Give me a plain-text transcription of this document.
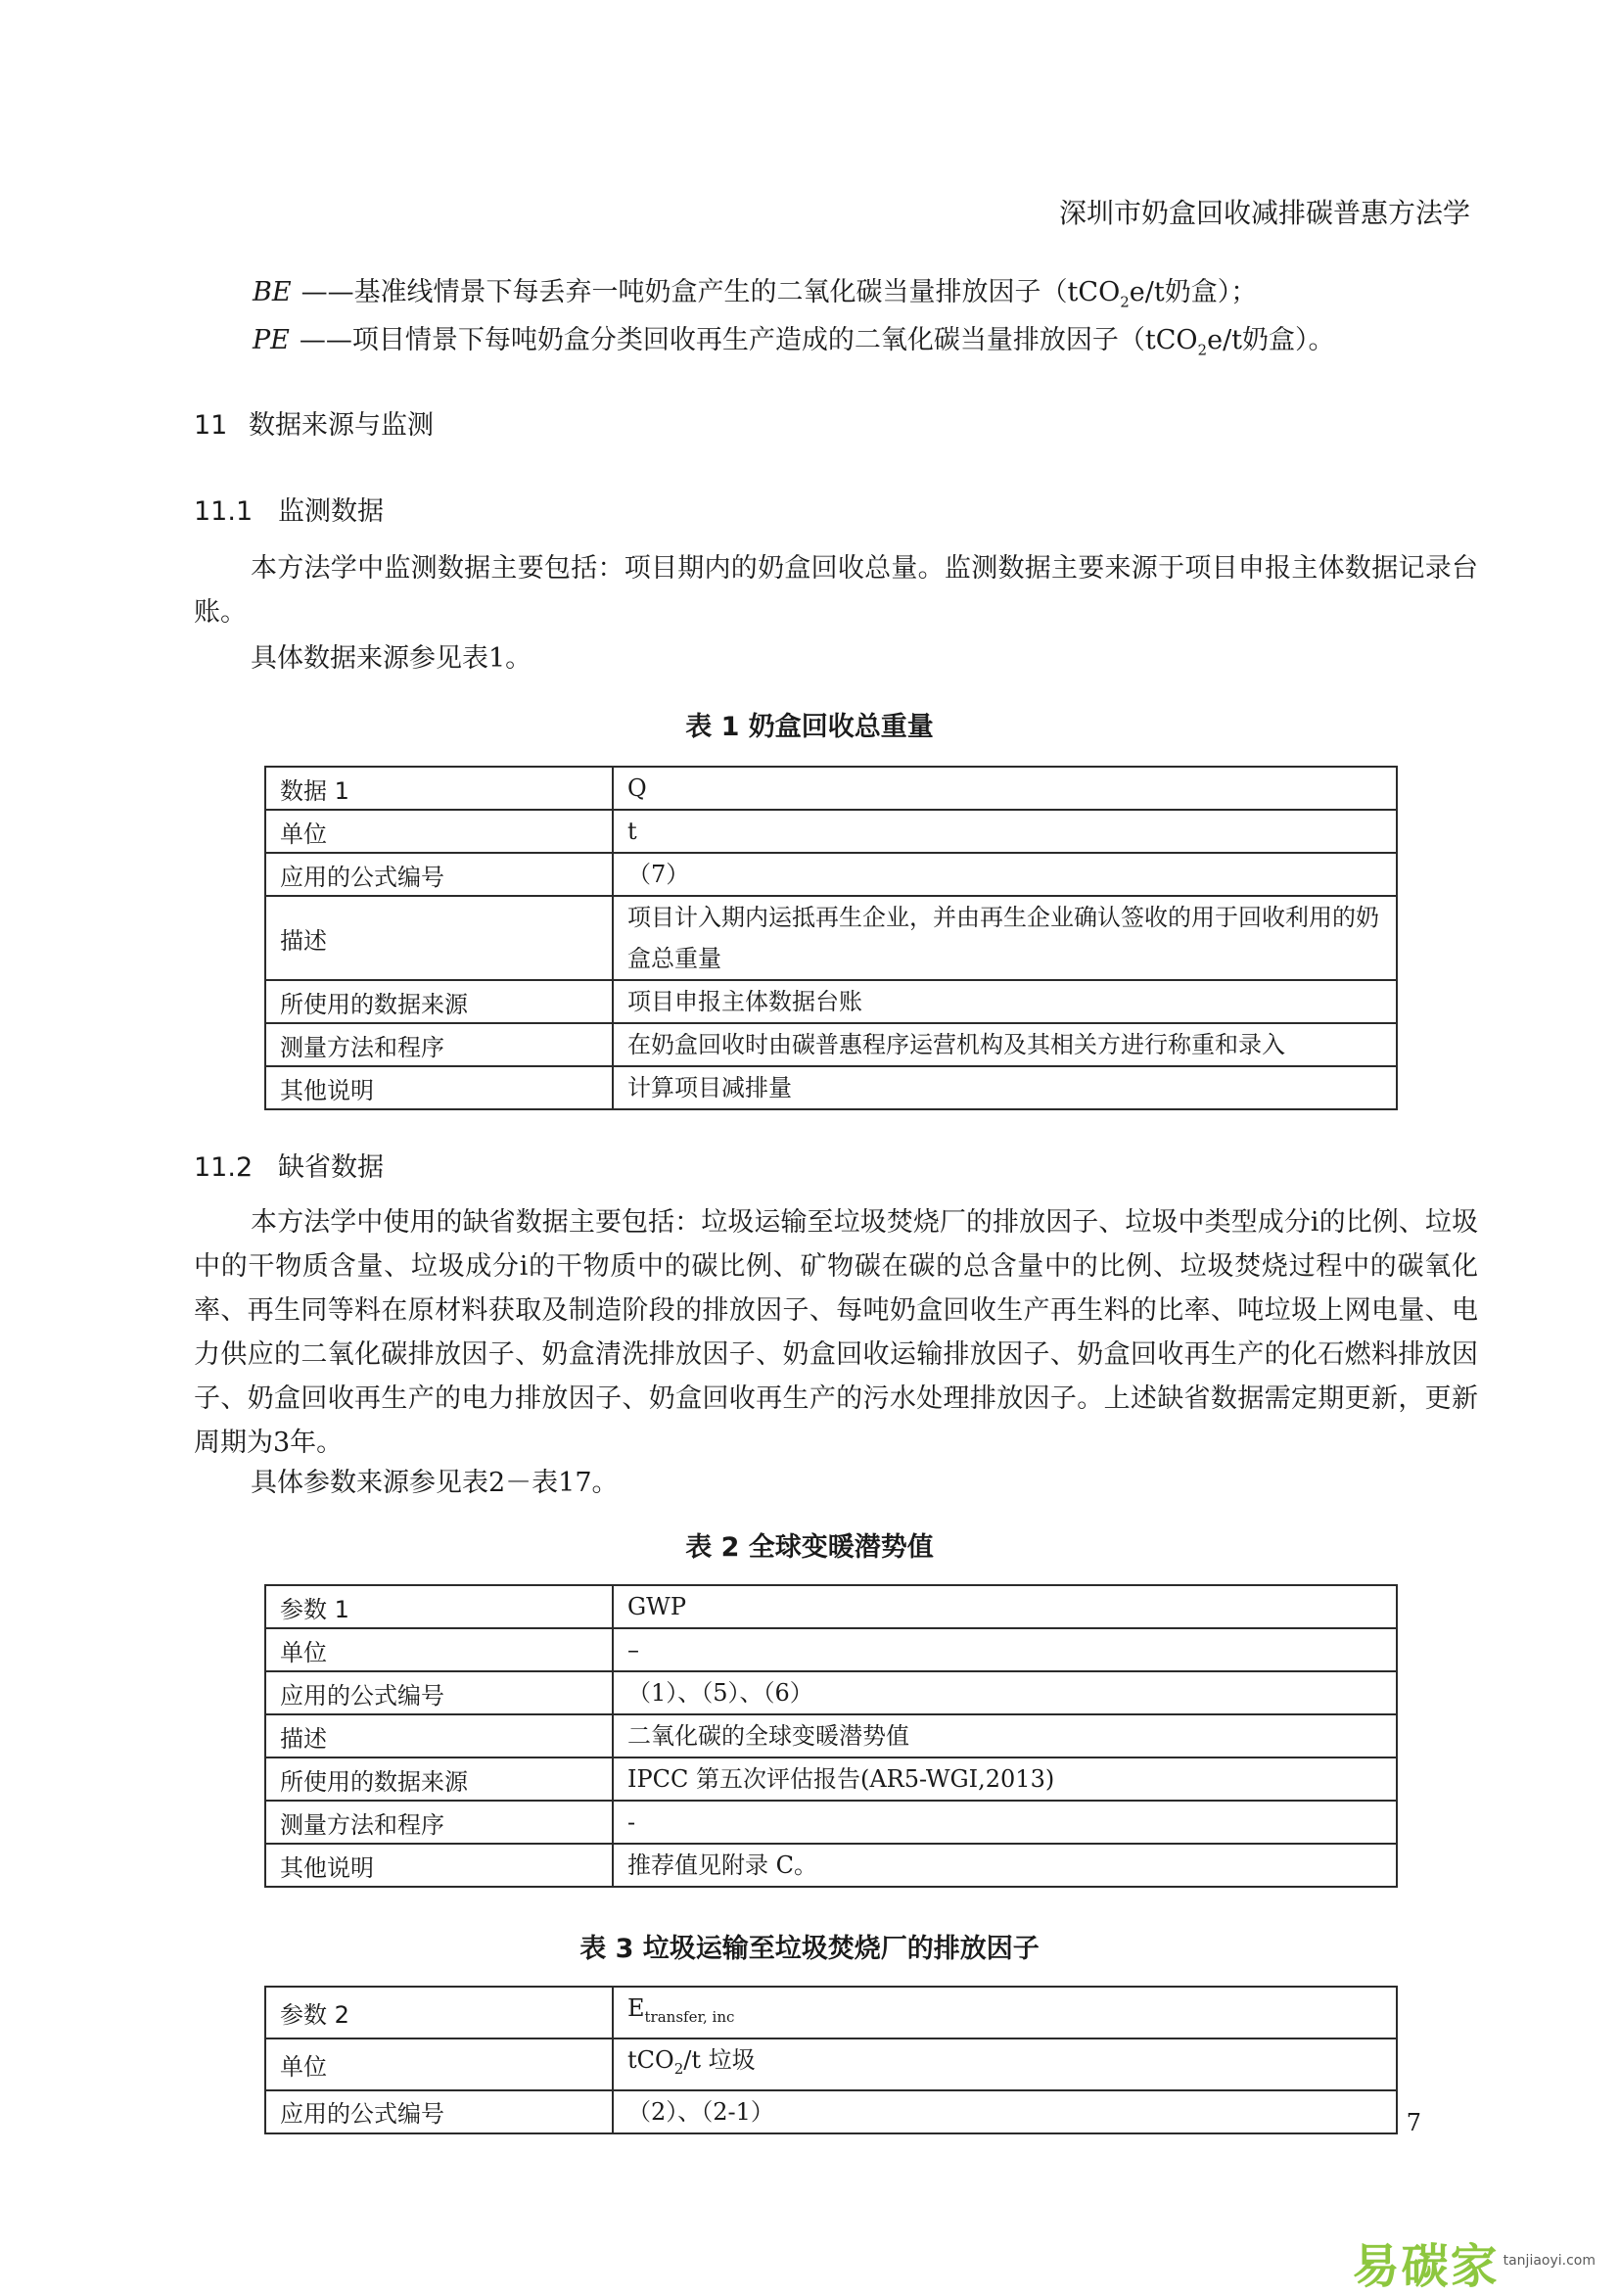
深圳市奶盒回收减排碳普惠方法学
BE ——基准线情景下每丢弃一吨奶盒产生的二氧化碳当量排放因子（tCO$_2$e/t奶盒）；
PE ——项目情景下每吨奶盒分类回收再生产造成的二氧化碳当量排放因子（tCO$_2$e/t奶盒）。
11 数据来源与监测
11.1 监测数据
本方法学中监测数据主要包括：项目期内的奶盒回收总量。监测数据主要来源于项目申报主体数据记录台账。
具体数据来源参见表1。
表 1 奶盒回收总重量
数据 1	Q
单位	t
应用的公式编号	（7）
描述	项目计入期内运抵再生企业，并由再生企业确认签收的用于回收利用的奶盒总重量
所使用的数据来源	项目申报主体数据台账
测量方法和程序	在奶盒回收时由碳普惠程序运营机构及其相关方进行称重和录入
其他说明	计算项目减排量
11.2 缺省数据
本方法学中使用的缺省数据主要包括：垃圾运输至垃圾焚烧厂的排放因子、垃圾中类型成分i的比例、垃圾中的干物质含量、垃圾成分i的干物质中的碳比例、矿物碳在碳的总含量中的比例、垃圾焚烧过程中的碳氧化率、再生同等料在原材料获取及制造阶段的排放因子、每吨奶盒回收生产再生料的比率、吨垃圾上网电量、电力供应的二氧化碳排放因子、奶盒清洗排放因子、奶盒回收运输排放因子、奶盒回收再生产的化石燃料排放因子、奶盒回收再生产的电力排放因子、奶盒回收再生产的污水处理排放因子。上述缺省数据需定期更新，更新周期为3年。
具体参数来源参见表2－表17。
表 2 全球变暖潜势值
参数 1	GWP
单位	–
应用的公式编号	（1）、（5）、（6）
描述	二氧化碳的全球变暖潜势值
所使用的数据来源	IPCC 第五次评估报告(AR5-WGI,2013)
测量方法和程序	-
其他说明	推荐值见附录 C。
表 3 垃圾运输至垃圾焚烧厂的排放因子
参数 2	$E_{transfer, inc}$
单位	tCO$_2$/t 垃圾
应用的公式编号	（2）、（2-1）	7
易碳家 tanjiaoyi.com
